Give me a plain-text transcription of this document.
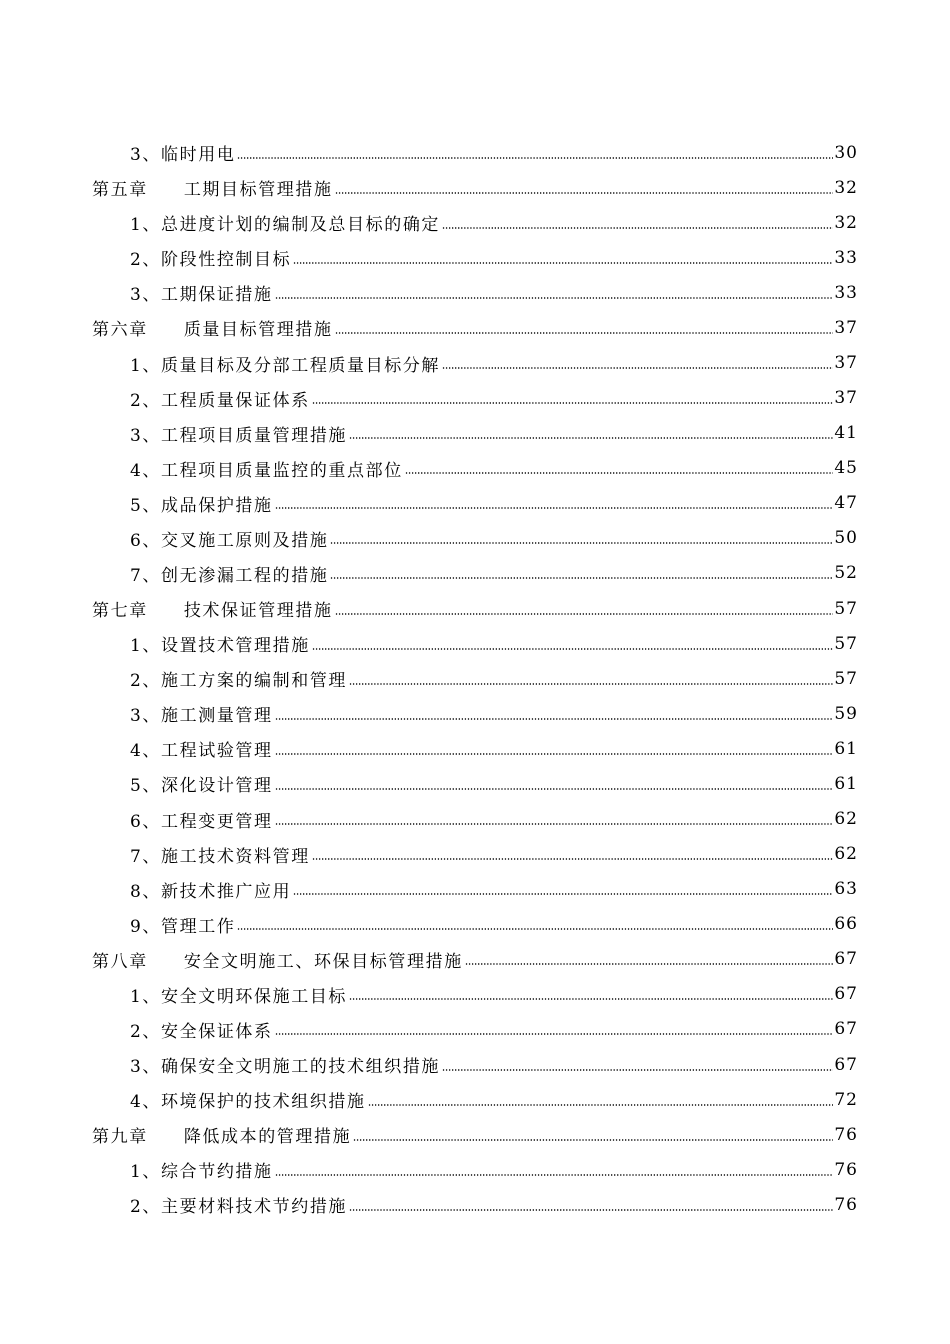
3、临时用电	30
第五章 工期目标管理措施	32
1、总进度计划的编制及总目标的确定	32
2、阶段性控制目标	33
3、工期保证措施	33
第六章 质量目标管理措施	37
1、质量目标及分部工程质量目标分解	37
2、工程质量保证体系	37
3、工程项目质量管理措施	41
4、工程项目质量监控的重点部位	45
5、成品保护措施	47
6、交叉施工原则及措施	50
7、创无渗漏工程的措施	52
第七章 技术保证管理措施	57
1、设置技术管理措施	57
2、施工方案的编制和管理	57
3、施工测量管理	59
4、工程试验管理	61
5、深化设计管理	61
6、工程变更管理	62
7、施工技术资料管理	62
8、新技术推广应用	63
9、管理工作	66
第八章 安全文明施工、环保目标管理措施	67
1、安全文明环保施工目标	67
2、安全保证体系	67
3、确保安全文明施工的技术组织措施	67
4、环境保护的技术组织措施	72
第九章 降低成本的管理措施	76
1、综合节约措施	76
2、主要材料技术节约措施	76
